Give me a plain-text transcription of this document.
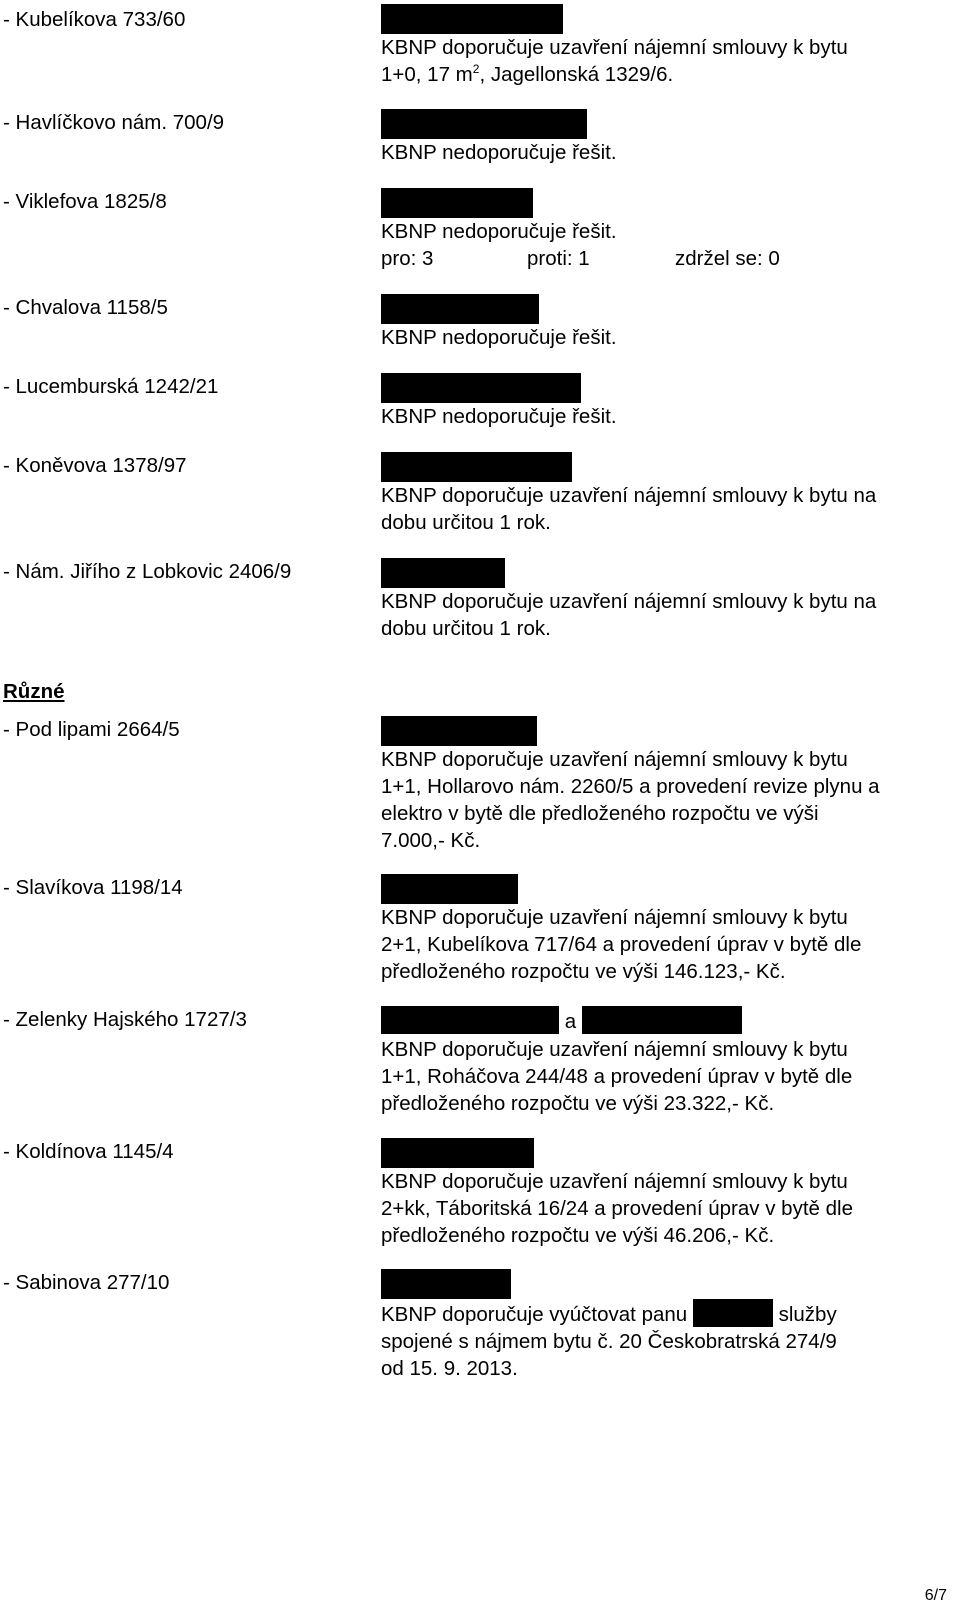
- Kubelíkova 733/60
KBNP doporučuje uzavření nájemní smlouvy k bytu
1+0, 17 $m^2$, Jagellonská 1329/6.
- Havlíčkovo nám. 700/9
KBNP nedoporučuje řešit.
- Viklefova 1825/8
KBNP nedoporučuje řešit.
pro: 3	proti: 1	zdržel se: 0
- Chvalova 1158/5
KBNP nedoporučuje řešit.
- Lucemburská 1242/21
KBNP nedoporučuje řešit.
- Koněvova 1378/97
KBNP doporučuje uzavření nájemní smlouvy k bytu na
dobu určitou 1 rok.
- Nám. Jiřího z Lobkovic 2406/9
KBNP doporučuje uzavření nájemní smlouvy k bytu na
dobu určitou 1 rok.
Různé
- Pod lipami 2664/5
KBNP doporučuje uzavření nájemní smlouvy k bytu
1+1, Hollarovo nám. 2260/5 a provedení revize plynu a
elektro v bytě dle předloženého rozpočtu ve výši
7.000,- Kč.
- Slavíkova 1198/14
KBNP doporučuje uzavření nájemní smlouvy k bytu
2+1, Kubelíkova 717/64 a provedení úprav v bytě dle
předloženého rozpočtu ve výši 146.123,- Kč.
- Zelenky Hajského 1727/3	a
KBNP doporučuje uzavření nájemní smlouvy k bytu
1+1, Roháčova 244/48 a provedení úprav v bytě dle
předloženého rozpočtu ve výši 23.322,- Kč.
- Koldínova 1145/4
KBNP doporučuje uzavření nájemní smlouvy k bytu
2+kk, Táboritská 16/24 a provedení úprav v bytě dle
předloženého rozpočtu ve výši 46.206,- Kč.
- Sabinova 277/10
KBNP doporučuje vyúčtovat panu	služby
spojené s nájmem bytu č. 20 Českobratrská 274/9
od 15. 9. 2013.
6/7
